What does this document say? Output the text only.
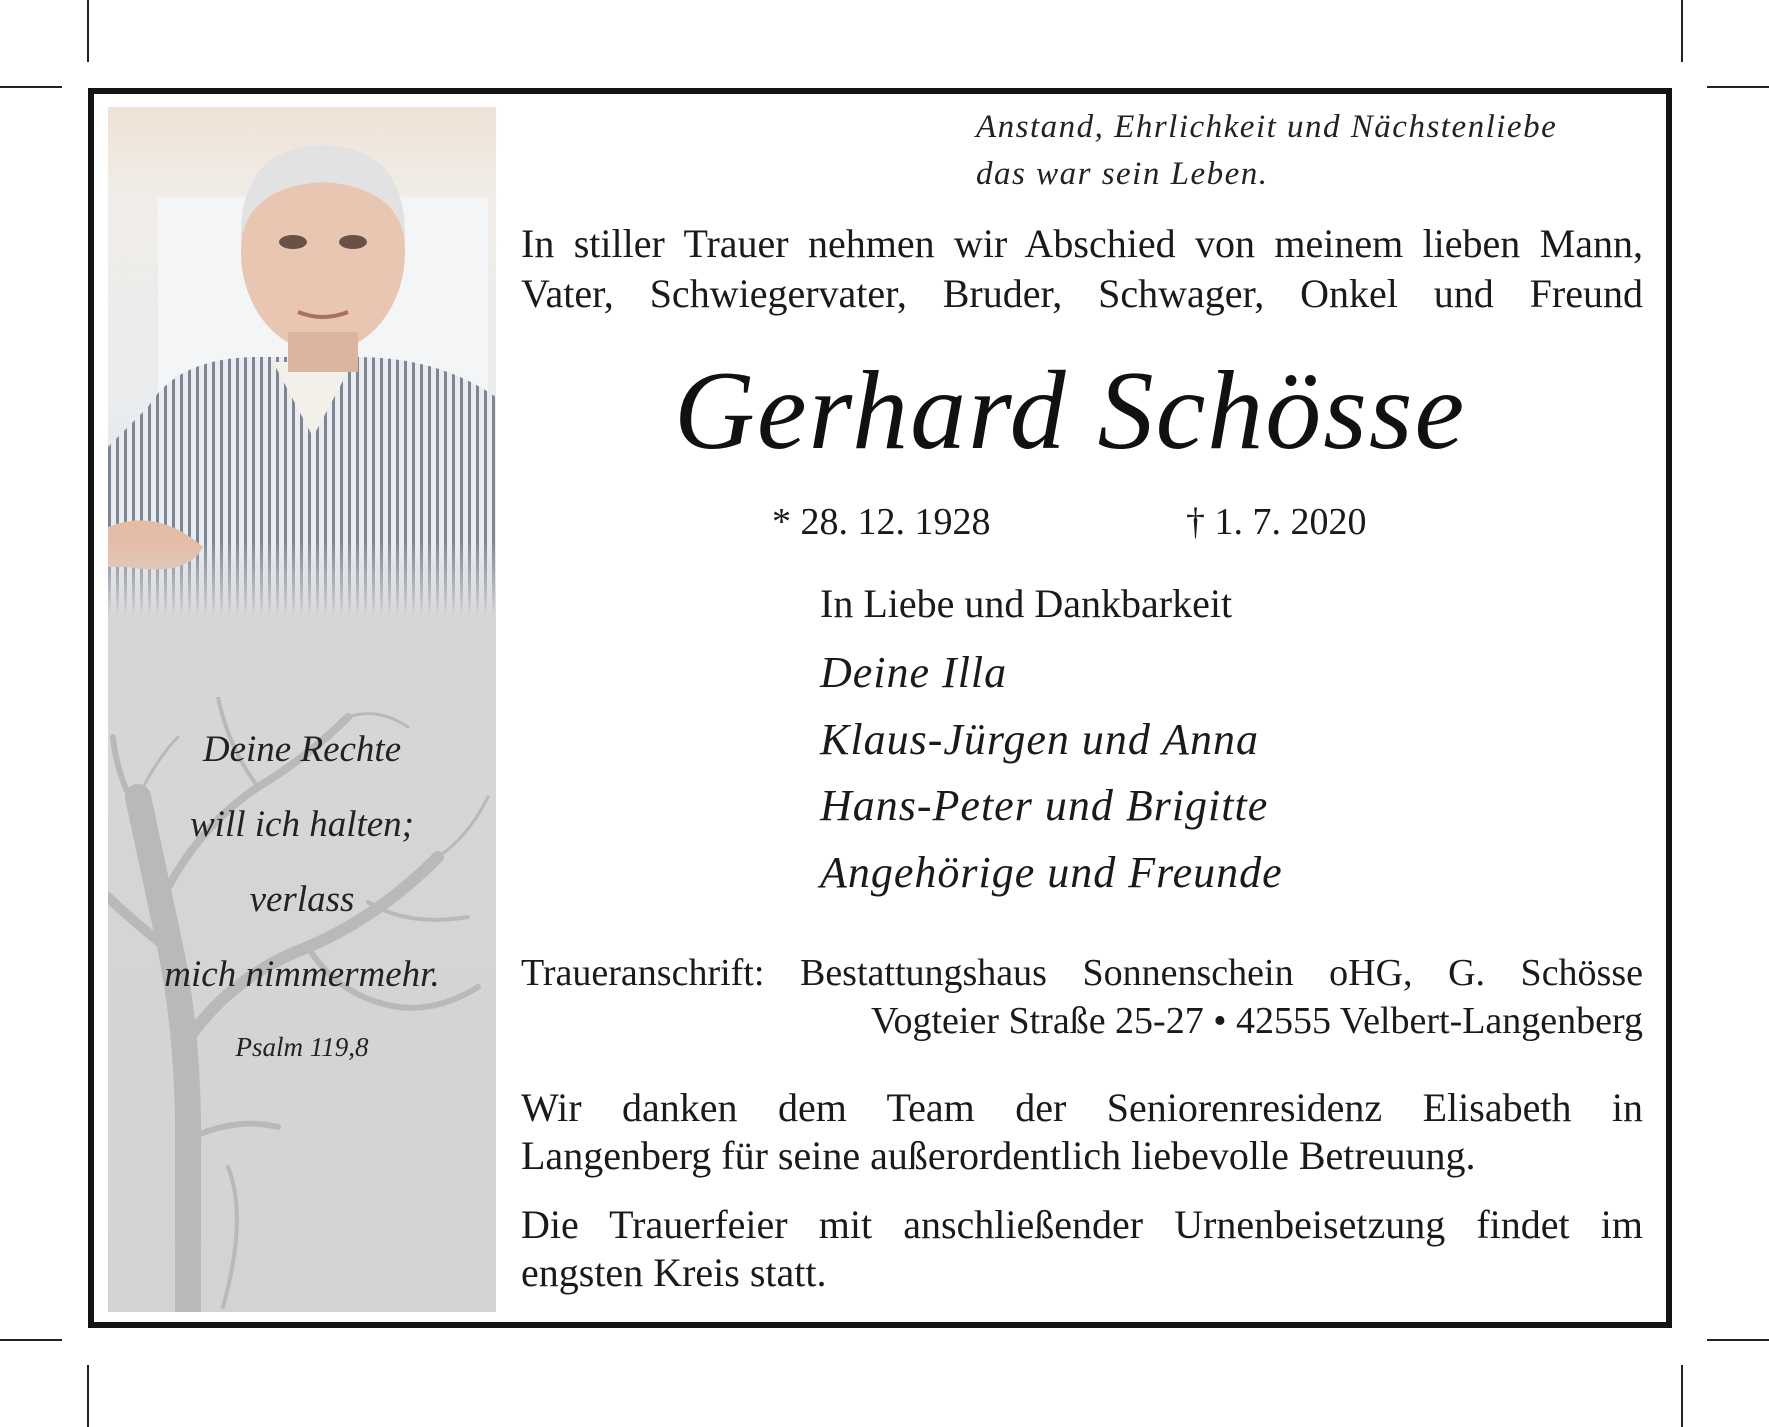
Deine Rechte
will ich halten;
verlass
mich nimmermehr.
Psalm 119,8
Anstand, Ehrlichkeit und Nächstenliebe
das war sein Leben.
In stiller Trauer nehmen wir Abschied von meinem lieben Mann,
Vater, Schwiegervater, Bruder, Schwager, Onkel und Freund
Gerhard Schösse
* 28. 12. 1928	† 1. 7. 2020
In Liebe und Dankbarkeit
Deine Illa
Klaus-Jürgen und Anna
Hans-Peter und Brigitte
Angehörige und Freunde
Traueranschrift: Bestattungshaus Sonnenschein oHG, G. Schösse
Vogteier Straße 25-27 • 42555 Velbert-Langenberg
Wir danken dem Team der Seniorenresidenz Elisabeth in
Langenberg für seine außerordentlich liebevolle Betreuung.
Die Trauerfeier mit anschließender Urnenbeisetzung findet im
engsten Kreis statt.
